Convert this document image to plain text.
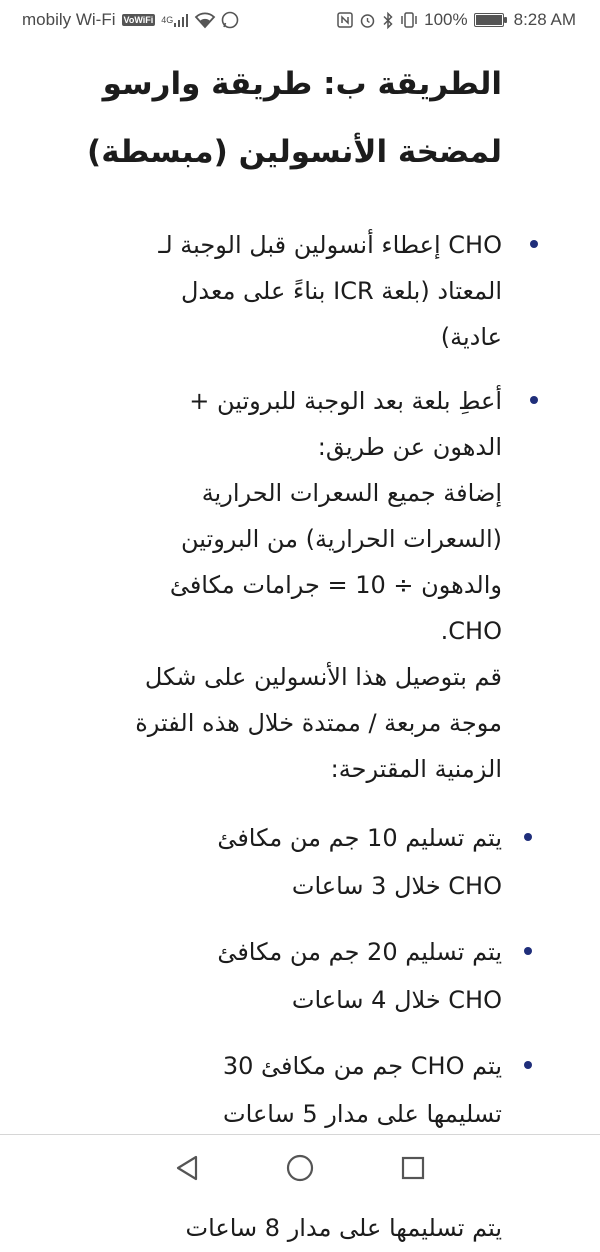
mobily Wi-Fi VoWiFi 4G	100%	8:28 AM
الطريقة ب: طريقة وارسو لمضخة الأنسولين (مبسطة)
CHO إعطاء أنسولين قبل الوجبة لـ
المعتاد (بلعة ICR بناءً على معدل
عادية)
أعطِ بلعة بعد الوجبة للبروتين +
الدهون عن طريق:
إضافة جميع السعرات الحرارية
(السعرات الحرارية) من البروتين
والدهون ÷ 10 = جرامات مكافئ
CHO.
قم بتوصيل هذا الأنسولين على شكل
موجة مربعة / ممتدة خلال هذه الفترة
الزمنية المقترحة:
يتم تسليم 10 جم من مكافئ
CHO خلال 3 ساعات
يتم تسليم 20 جم من مكافئ
CHO خلال 4 ساعات
يتم CHO جم من مكافئ 30
تسليمها على مدار 5 ساعات
يتم تسليمها على مدار 8 ساعات
